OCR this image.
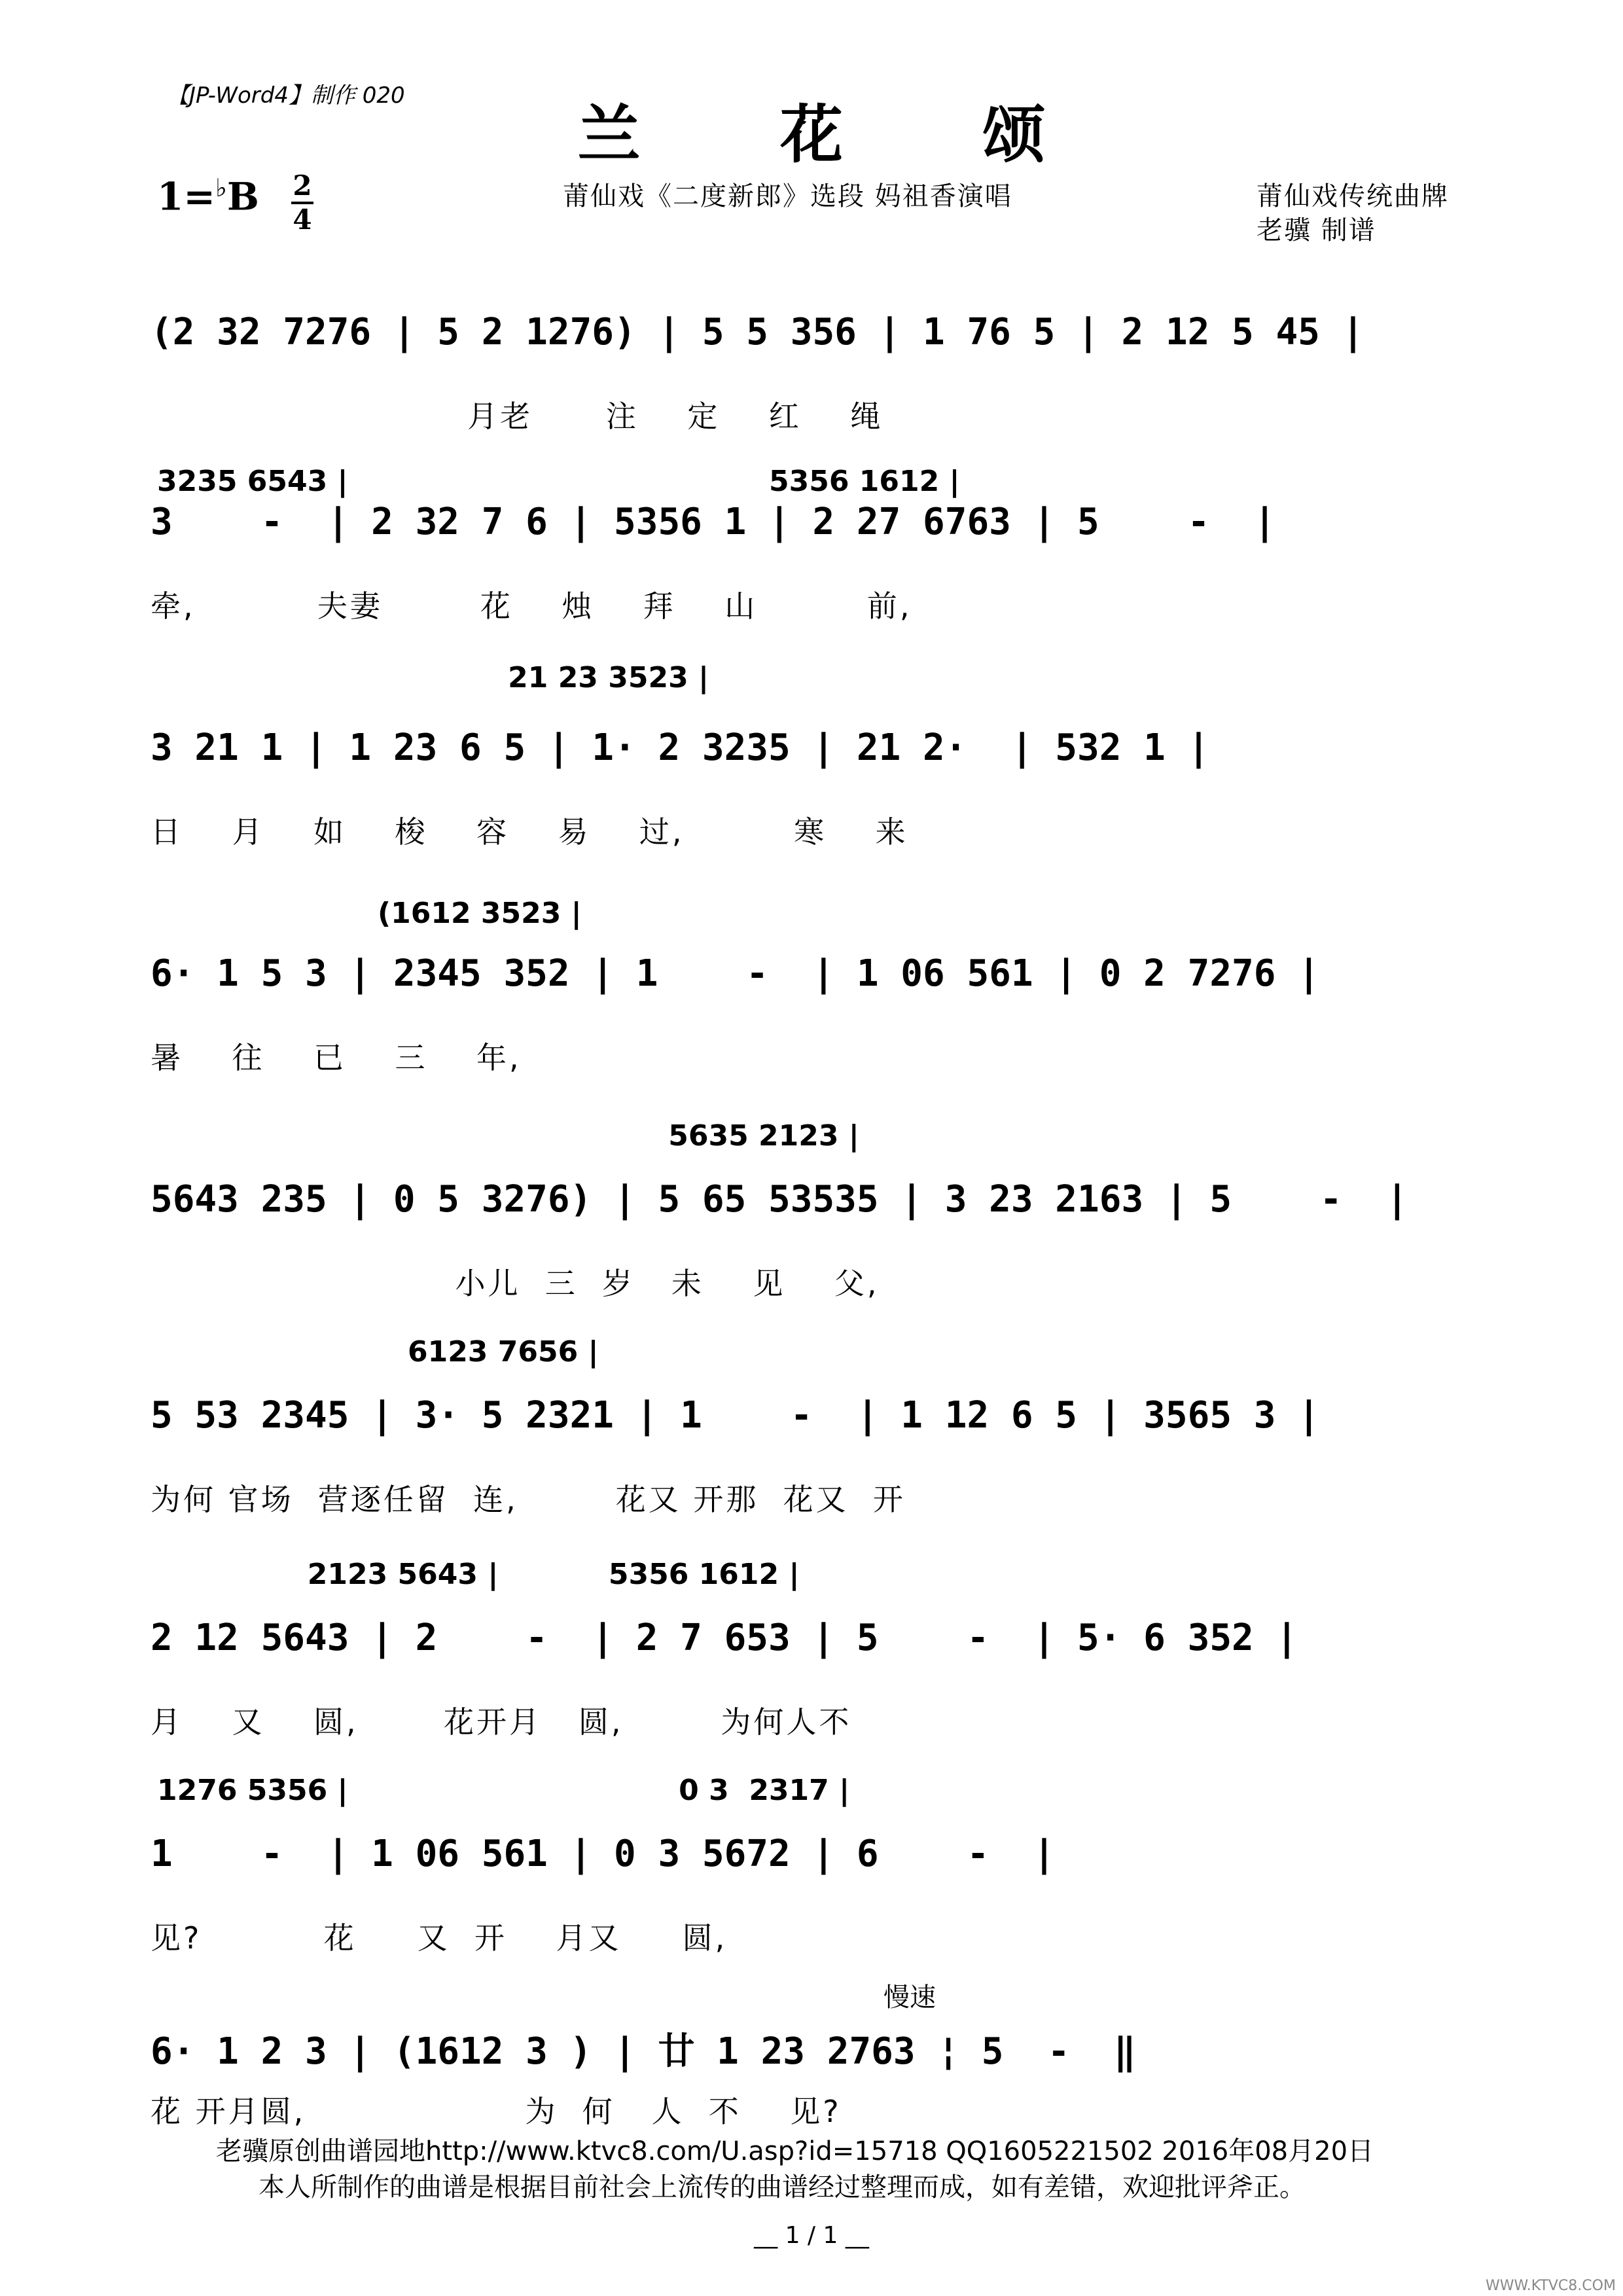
【JP-Word4】制作 020
兰 花 颂
1=♭B 2
4
莆仙戏《二度新郎》选段 妈祖香演唱	莆仙戏传统曲牌
老骥 制谱
(2 32 7276 | 5 2 1276) | 5 5 356 | 1 76 5 | 2 12 5 45 |
月老      注    定    红    绳
3235 6543 |                                          5356 1612 |
3    -  | 2 32 7 6 | 5356 1 | 2 27 6763 | 5    -  |
牵,          夫妻        花    烛    拜    山         前,
21 23 3523 |
3 21 1 | 1 23 6 5 | 1· 2 3235 | 21 2·  | 532 1 |
日    月    如    梭    容    易    过,         寒    来
(1612 3523 |
6· 1 5 3 | 2345 352 | 1    -  | 1 06 561 | 0 2 7276 |
暑    往    已    三    年,
5635 2123 |
5643 235 | 0 5 3276) | 5 65 53535 | 3 23 2163 | 5    -  |
小儿  三  岁   未    见    父,
6123 7656 |
5 53 2345 | 3· 5 2321 | 1    -  | 1 12 6 5 | 3565 3 |
为何 官场  营逐任留  连,        花又 开那  花又  开
2123 5643 |           5356 1612 |
2 12 5643 | 2    -  | 2 7 653 | 5    -  | 5· 6 352 |
月    又    圆,       花开月   圆,        为何人不
1276 5356 |                                 0 3  2317 |
1    -  | 1 06 561 | 0 3 5672 | 6    -  |
见?          花     又  开    月又     圆,
慢速
6· 1 2 3 | (1612 3 ) | 廿 1 23 2763 ¦ 5  -  ‖
花 开月圆,                  为  何   人  不    见?
老骥原创曲谱园地http://www.ktvc8.com/U.asp?id=15718 QQ1605221502 2016年08月20日
本人所制作的曲谱是根据目前社会上流传的曲谱经过整理而成，如有差错，欢迎批评斧正。
__ 1 / 1 __
WWW.KTVC8.COM
